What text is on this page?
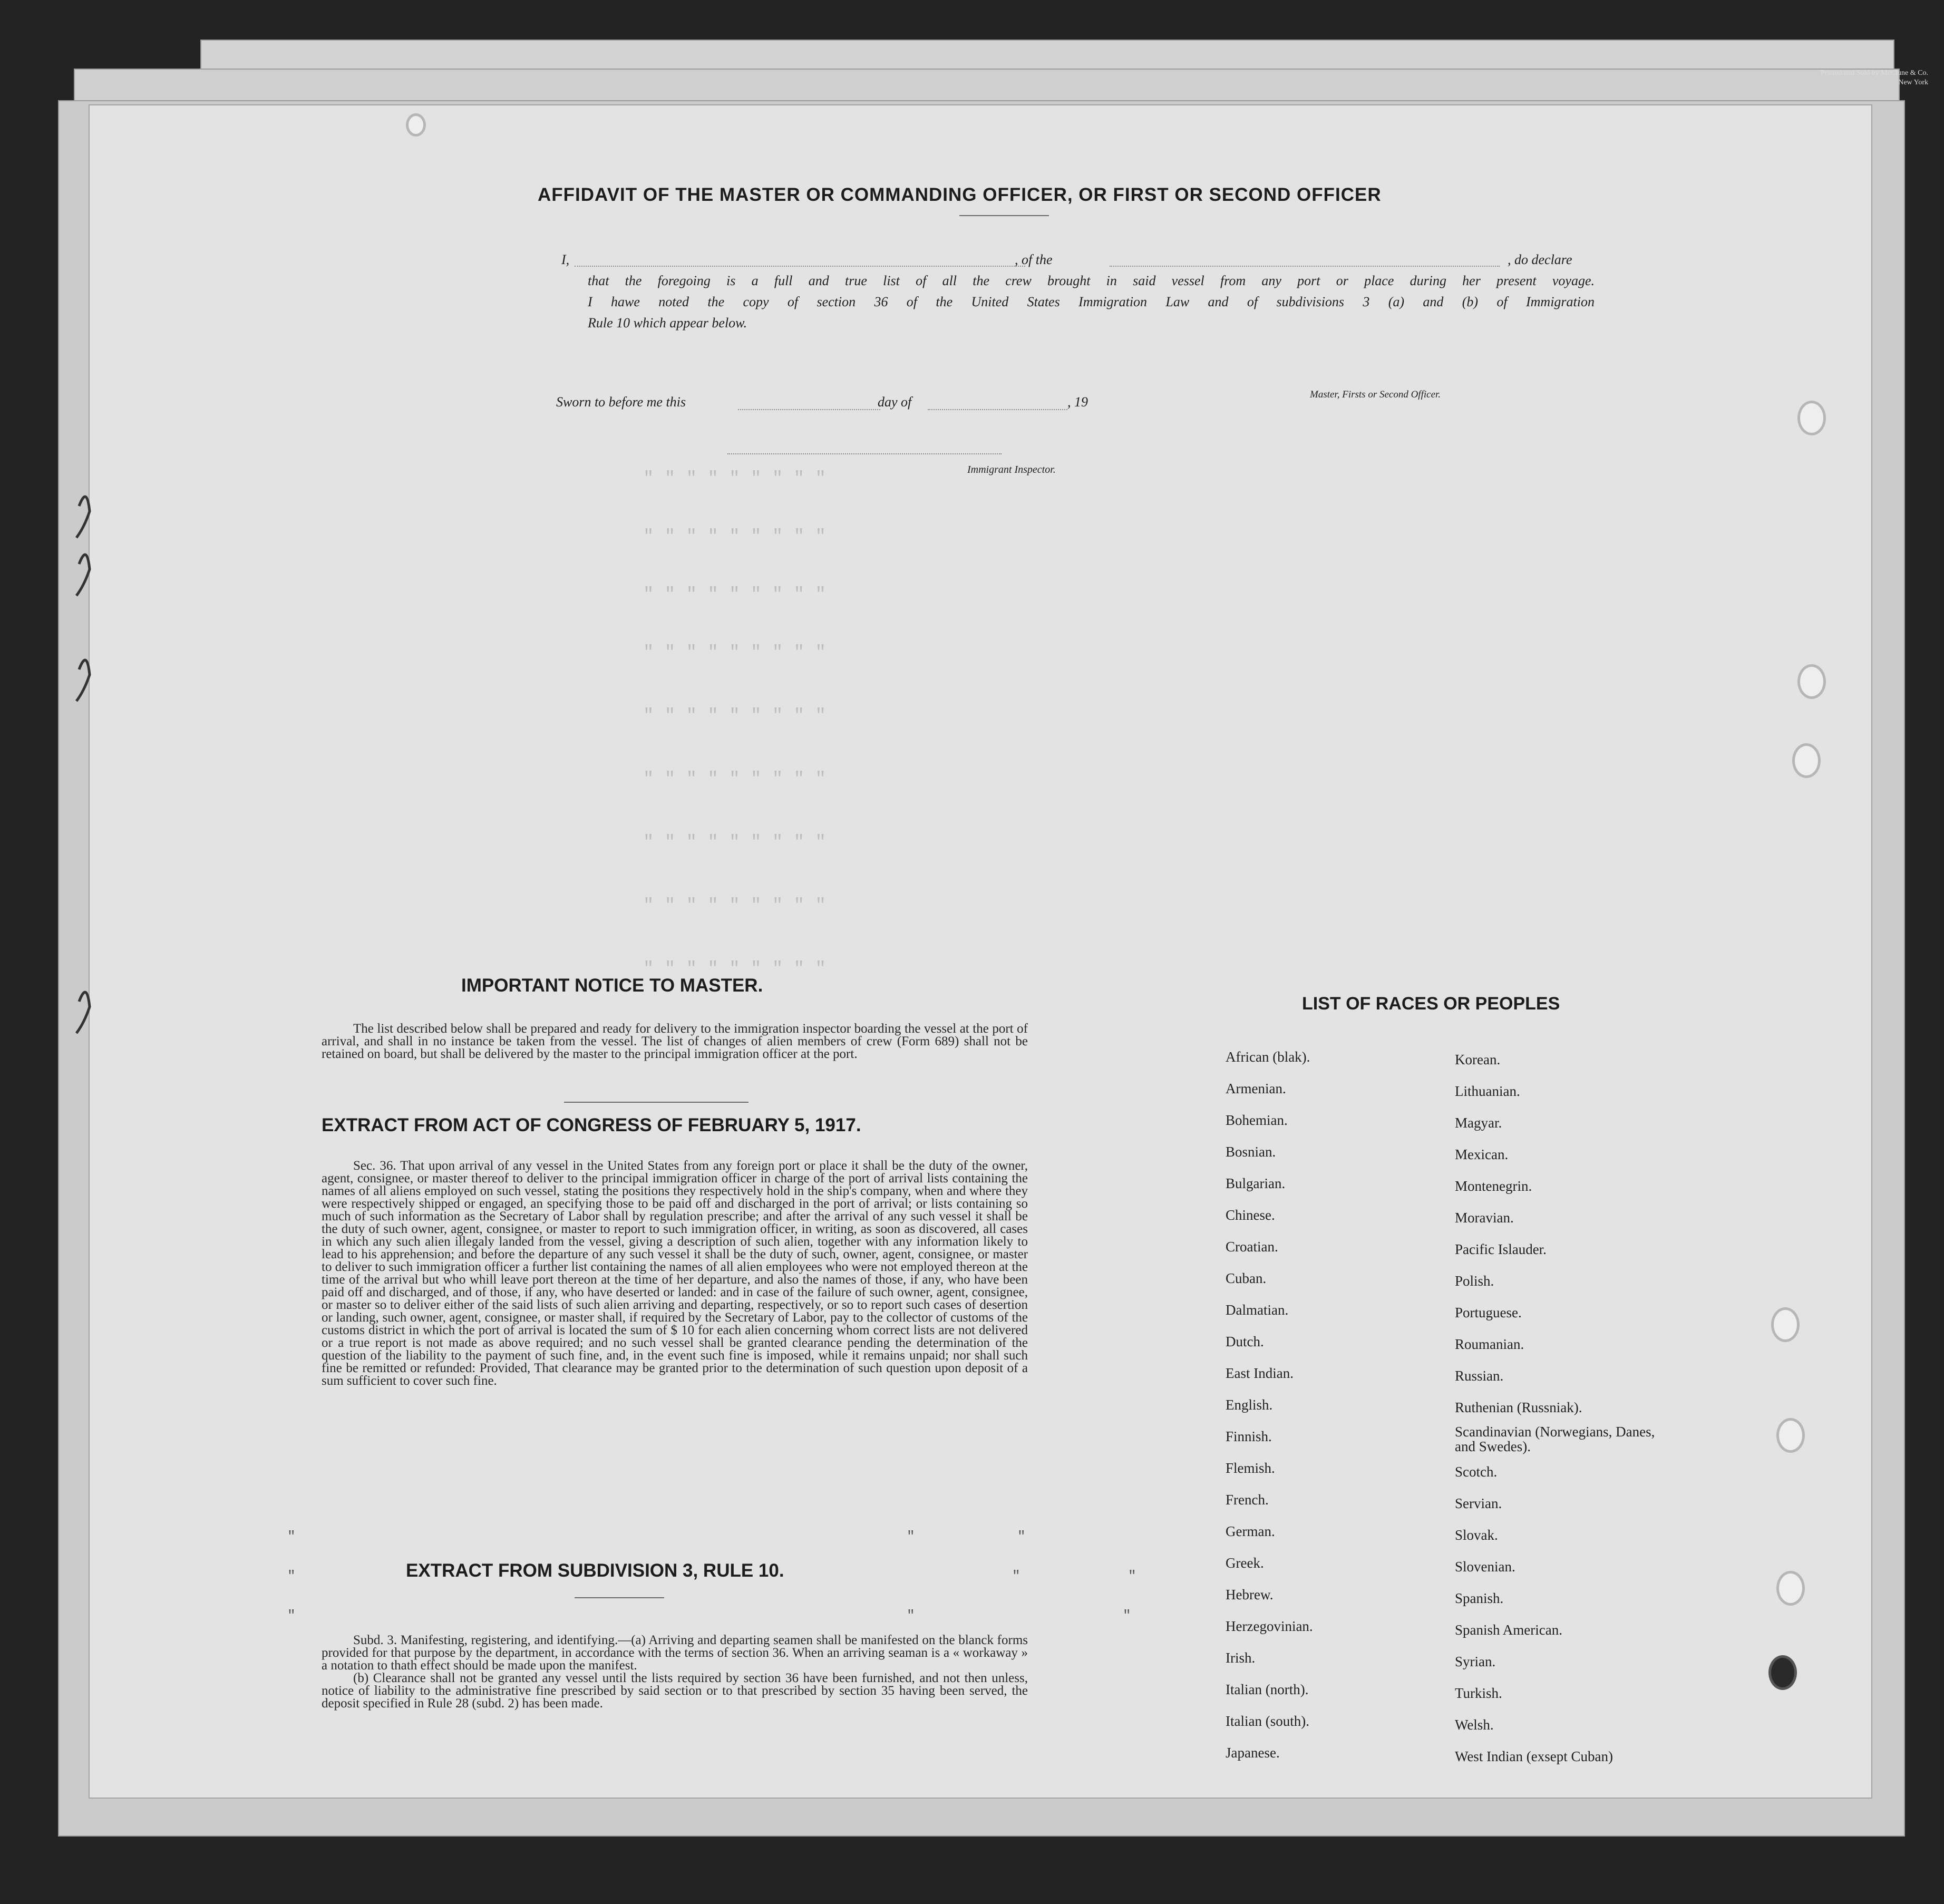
Printed and Sold by McClune & Co.
New York
" " " " " " " " "
" " " " " " " " "
" " " " " " " " "
" " " " " " " " "
" " " " " " " " "
" " " " " " " " "
" " " " " " " " "
" " " " " " " " "
" " " " " " " " "
AFFIDAVIT OF THE MASTER OR COMMANDING OFFICER, OR FIRST OR SECOND OFFICER
I,	, of the	, do declare
that the foregoing is a full and true list of all the crew brought in said vessel from any port or place during her present voyage.
I hawe noted the copy of section 36 of the United States Immigration Law and of subdivisions 3 (a) and (b) of Immigration
Rule 10 which appear below.
Master, Firsts or Second Officer.
Sworn to before me this	day of	, 19
Immigrant Inspector.
IMPORTANT NOTICE TO MASTER.

The list described below shall be prepared and ready for delivery to the immigration inspector boarding the vessel at the port of arrival, and shall in no instance be taken from the vessel. The list of changes of alien members of crew (Form 689) shall not be retained on board, but shall be delivered by the master to the principal immigration officer at the port.

EXTRACT FROM ACT OF CONGRESS OF FEBRUARY 5, 1917.

Sec. 36. That upon arrival of any vessel in the United States from any foreign port or place it shall be the duty of the owner, agent, consignee, or master thereof to deliver to the principal immigration officer in charge of the port of arrival lists containing the names of all aliens employed on such vessel, stating the positions they respectively hold in the ship's company, when and where they were respectively shipped or engaged, an specifying those to be paid off and discharged in the port of arrival; or lists containing so much of such information as the Secretary of Labor shall by regulation prescribe; and after the arrival of any such vessel it shall be the duty of such owner, agent, consignee, or master to report to such immigration officer, in writing, as soon as discovered, all cases in which any such alien illegaly landed from the vessel, giving a description of such alien, together with any information likely to lead to his apprehension; and before the departure of any such vessel it shall be the duty of such, owner, agent, consignee, or master to deliver to such immigration officer a further list containing the names of all alien employees who were not employed thereon at the time of the arrival but who whill leave port thereon at the time of her departure, and also the names of those, if any, who have been paid off and discharged, and of those, if any, who have deserted or landed: and in case of the failure of such owner, agent, consignee, or master so to deliver either of the said lists of such alien arriving and departing, respectively, or so to report such cases of desertion or landing, such owner, agent, consignee, or master shall, if required by the Secretary of Labor, pay to the collector of customs of the customs district in which the port of arrival is located the sum of $ 10 for each alien concerning whom correct lists are not delivered or a true report is not made as above required; and no such vessel shall be granted clearance pending the determination of the question of the liability to the payment of such fine, and, in the event such fine is imposed, while it remains unpaid; nor shall such fine be remitted or refunded: Provided, That clearance may be granted prior to the determination of such question upon deposit of a sum sufficient to cover such fine.

"
"
"
"
"
"
"
"
"
EXTRACT FROM SUBDIVISION 3, RULE 10.

Subd. 3. Manifesting, registering, and identifying.—(a) Arriving and departing seamen shall be manifested on the blanck forms provided for that purpose by the department, in accordance with the terms of section 36. When an arriving seaman is a « workaway » a notation to thath effect should be made upon the manifest.

(b) Clearance shall not be granted any vessel until the lists required by section 36 have been furnished, and not then unless, notice of liability to the administrative fine prescribed by said section or to that prescribed by section 35 having been served, the deposit specified in Rule 28 (subd. 2) has been made.

LIST OF RACES OR PEOPLES
African (blak).
Armenian.
Bohemian.
Bosnian.
Bulgarian.
Chinese.
Croatian.
Cuban.
Dalmatian.
Dutch.
East Indian.
English.
Finnish.
Flemish.
French.
German.
Greek.
Hebrew.
Herzegovinian.
Irish.
Italian (north).
Italian (south).
Japanese.
Korean.
Lithuanian.
Magyar.
Mexican.
Montenegrin.
Moravian.
Pacific Islauder.
Polish.
Portuguese.
Roumanian.
Russian.
Ruthenian (Russniak).
Scandinavian (Norwegians, Danes, and Swedes).
Scotch.
Servian.
Slovak.
Slovenian.
Spanish.
Spanish American.
Syrian.
Turkish.
Welsh.
West Indian (exsept Cuban)
